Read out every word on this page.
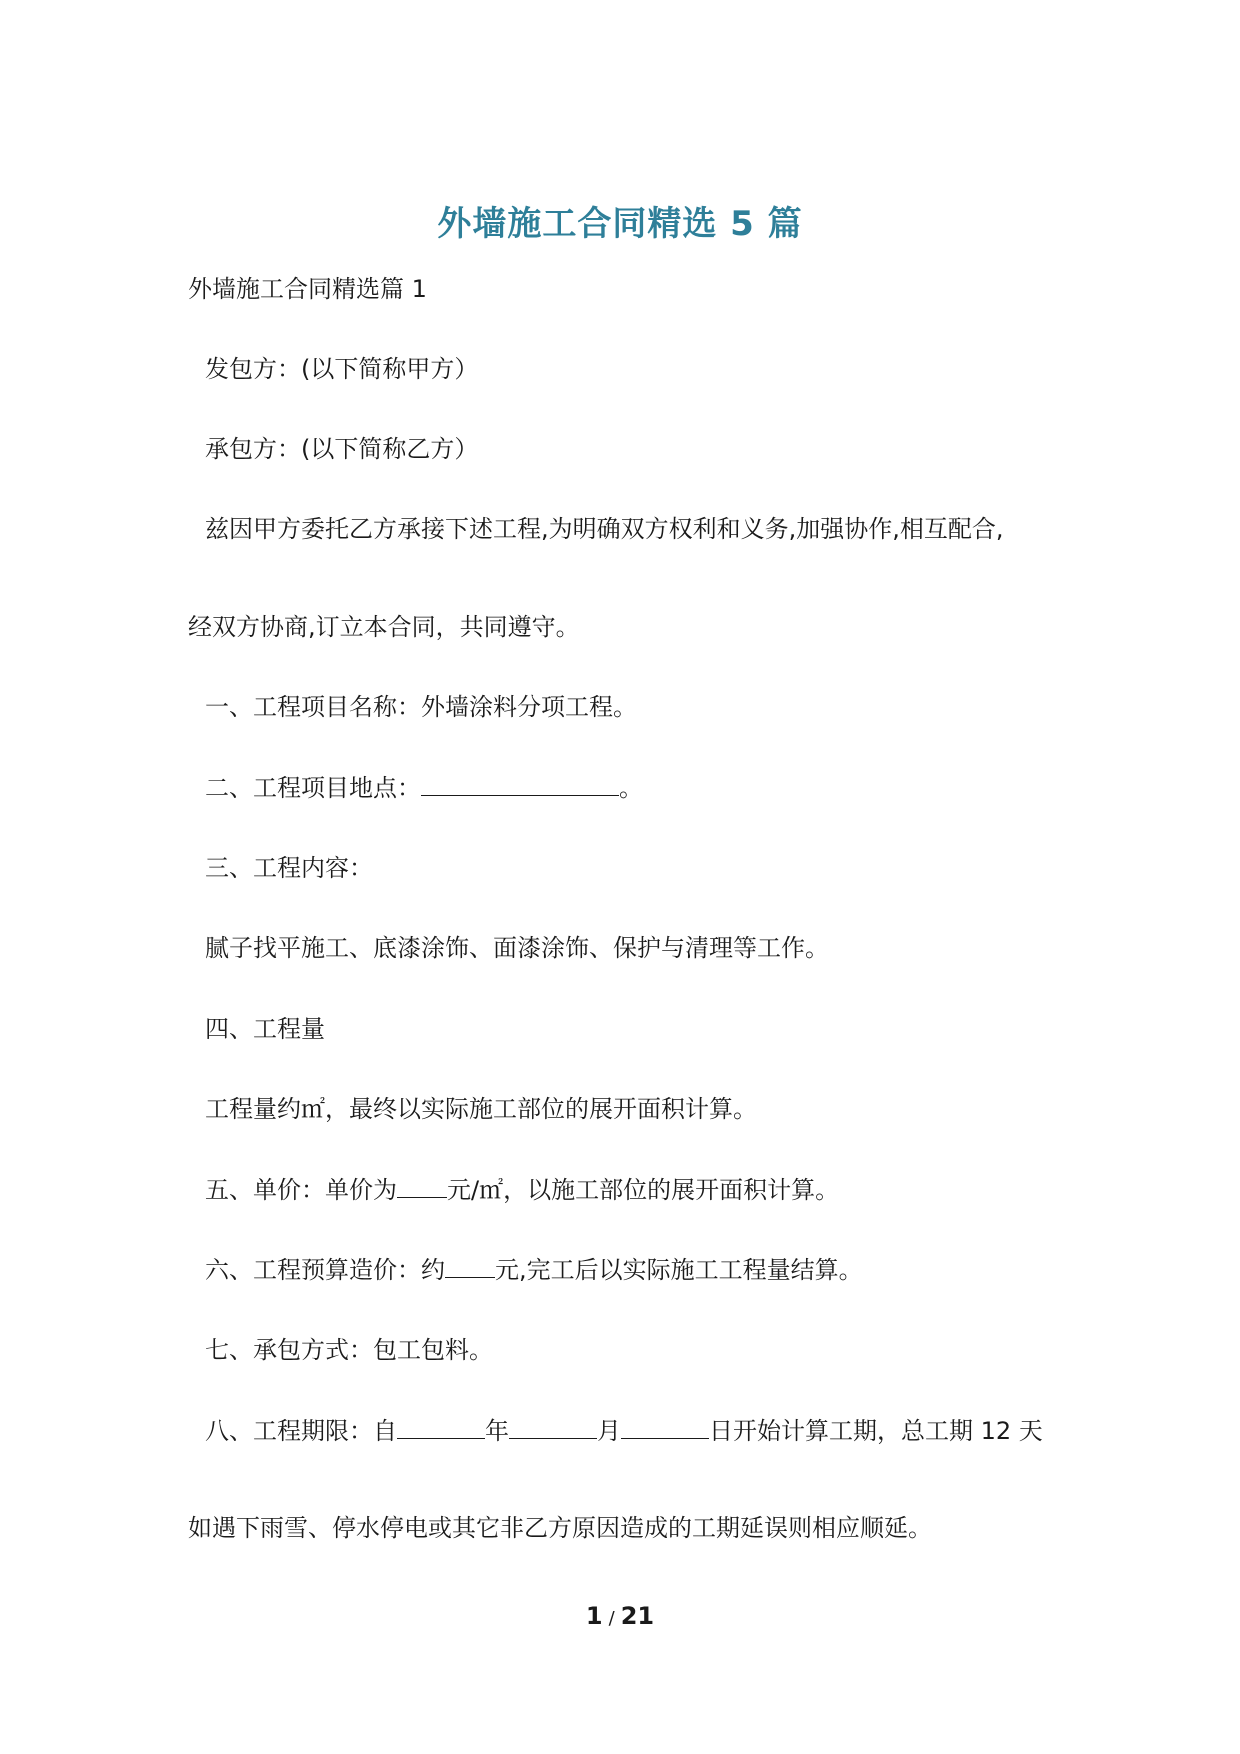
外墙施工合同精选 5 篇
外墙施工合同精选篇 1
发包方：(以下简称甲方）
承包方：(以下简称乙方）
兹因甲方委托乙方承接下述工程,为明确双方权利和义务,加强协作,相互配合,
经双方协商,订立本合同，共同遵守。
一、工程项目名称：外墙涂料分项工程。
二、工程项目地点：	。
三、工程内容：
腻子找平施工、底漆涂饰、面漆涂饰、保护与清理等工作。
四、工程量
工程量约㎡，最终以实际施工部位的展开面积计算。
五、单价：单价为 元/㎡，以施工部位的展开面积计算。
六、工程预算造价：约 元,完工后以实际施工工程量结算。
七、承包方式：包工包料。
八、工程期限：自	年	月	日开始计算工期，总工期 12 天
如遇下雨雪、停水停电或其它非乙方原因造成的工期延误则相应顺延。
1 / 21
